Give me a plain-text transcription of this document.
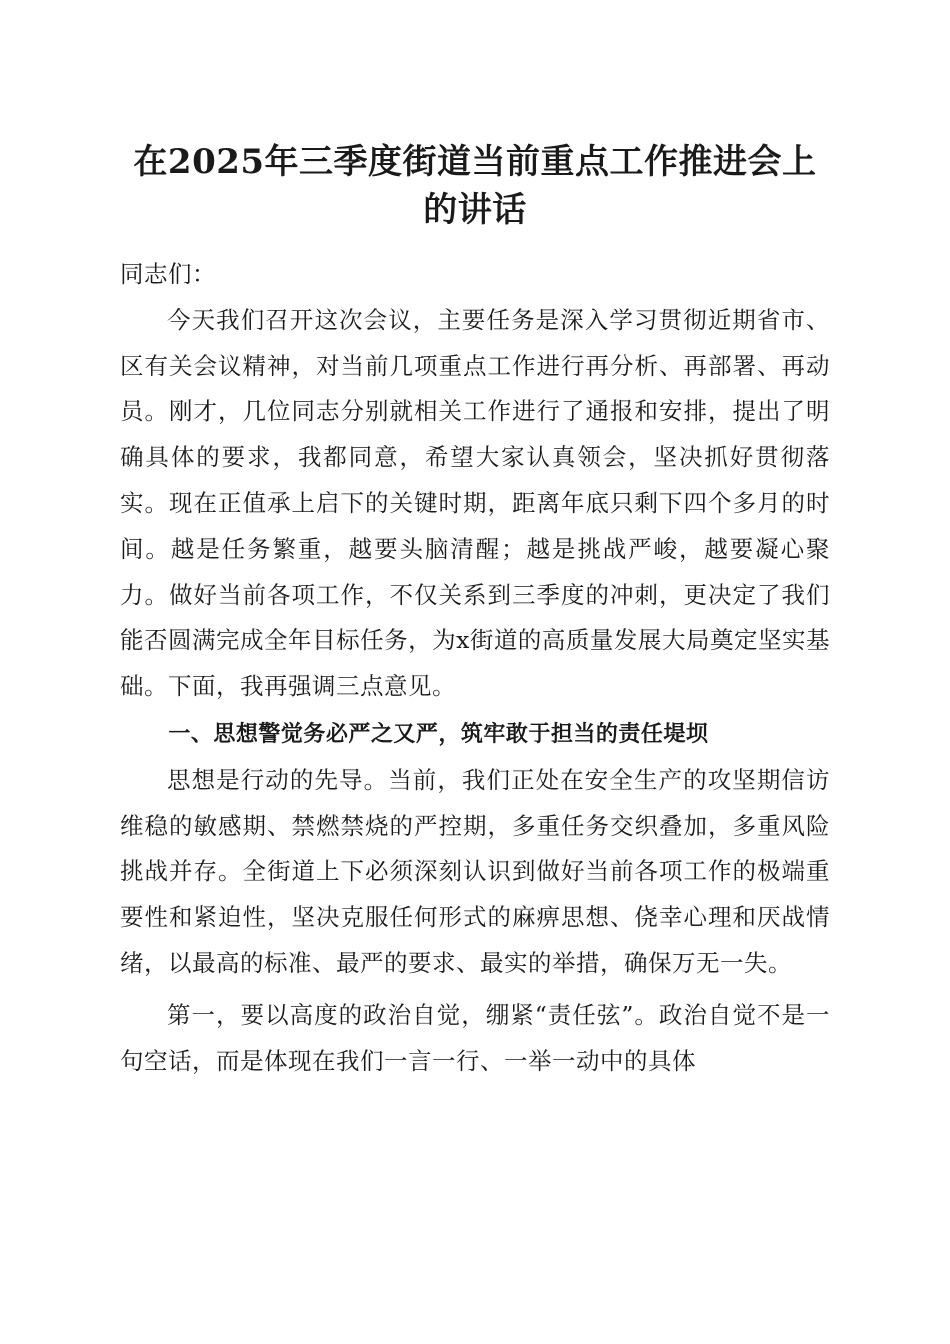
在2025年三季度街道当前重点工作推进会上的讲话

同志们：

今天我们召开这次会议，主要任务是深入学习贯彻近期省市、区有关会议精神，对当前几项重点工作进行再分析、再部署、再动员。刚才，几位同志分别就相关工作进行了通报和安排，提出了明确具体的要求，我都同意，希望大家认真领会，坚决抓好贯彻落实。现在正值承上启下的关键时期，距离年底只剩下四个多月的时间。越是任务繁重，越要头脑清醒；越是挑战严峻，越要凝心聚力。做好当前各项工作，不仅关系到三季度的冲刺，更决定了我们能否圆满完成全年目标任务，为x街道的高质量发展大局奠定坚实基础。下面，我再强调三点意见。

一、思想警觉务必严之又严，筑牢敢于担当的责任堤坝

思想是行动的先导。当前，我们正处在安全生产的攻坚期信访维稳的敏感期、禁燃禁烧的严控期，多重任务交织叠加，多重风险挑战并存。全街道上下必须深刻认识到做好当前各项工作的极端重要性和紧迫性，坚决克服任何形式的麻痹思想、侥幸心理和厌战情绪，以最高的标准、最严的要求、最实的举措，确保万无一失。

第一，要以高度的政治自觉，绷紧“责任弦”。政治自觉不是一句空话，而是体现在我们一言一行、一举一动中的具体
